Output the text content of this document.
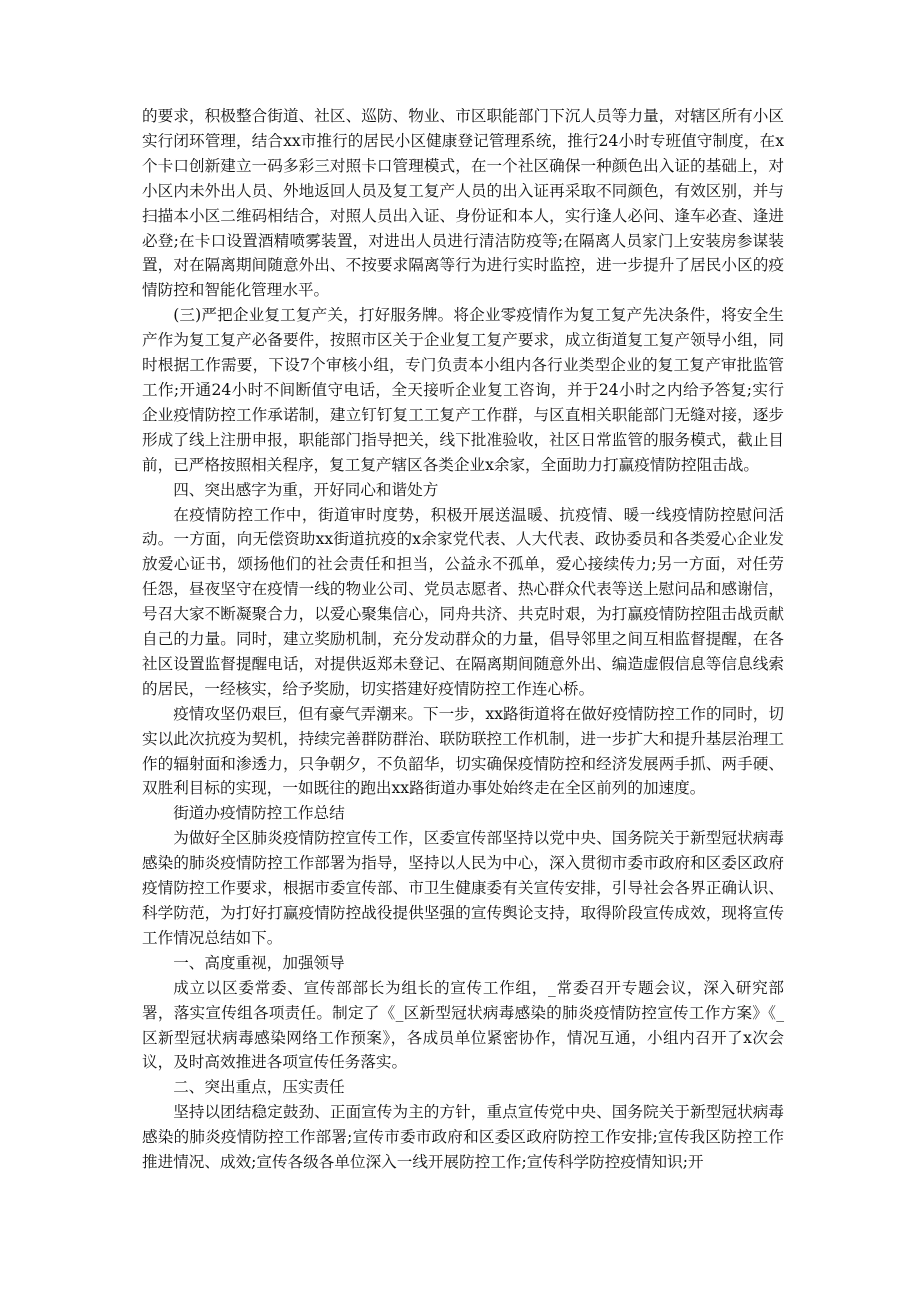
的要求，积极整合街道、社区、巡防、物业、市区职能部门下沉人员等力量，对辖区所有小区实行闭环管理，结合xx市推行的居民小区健康登记管理系统，推行24小时专班值守制度，在x个卡口创新建立一码多彩三对照卡口管理模式，在一个社区确保一种颜色出入证的基础上，对小区内未外出人员、外地返回人员及复工复产人员的出入证再采取不同颜色，有效区别，并与扫描本小区二维码相结合，对照人员出入证、身份证和本人，实行逢人必问、逢车必查、逢进必登;在卡口设置酒精喷雾装置，对进出人员进行清洁防疫等;在隔离人员家门上安装房参谋装置，对在隔离期间随意外出、不按要求隔离等行为进行实时监控，进一步提升了居民小区的疫情防控和智能化管理水平。

(三)严把企业复工复产关，打好服务牌。将企业零疫情作为复工复产先决条件，将安全生产作为复工复产必备要件，按照市区关于企业复工复产要求，成立街道复工复产领导小组，同时根据工作需要，下设7个审核小组，专门负责本小组内各行业类型企业的复工复产审批监管工作;开通24小时不间断值守电话，全天接听企业复工咨询，并于24小时之内给予答复;实行企业疫情防控工作承诺制，建立钉钉复工工复产工作群，与区直相关职能部门无缝对接，逐步形成了线上注册申报，职能部门指导把关，线下批准验收，社区日常监管的服务模式，截止目前，已严格按照相关程序，复工复产辖区各类企业x余家，全面助力打赢疫情防控阻击战。

四、突出感字为重，开好同心和谐处方

在疫情防控工作中，街道审时度势，积极开展送温暖、抗疫情、暖一线疫情防控慰问活动。一方面，向无偿资助xx街道抗疫的x余家党代表、人大代表、政协委员和各类爱心企业发放爱心证书，颂扬他们的社会责任和担当，公益永不孤单，爱心接续传力;另一方面，对任劳任怨，昼夜坚守在疫情一线的物业公司、党员志愿者、热心群众代表等送上慰问品和感谢信，号召大家不断凝聚合力，以爱心聚集信心，同舟共济、共克时艰，为打赢疫情防控阻击战贡献自己的力量。同时，建立奖励机制，充分发动群众的力量，倡导邻里之间互相监督提醒，在各社区设置监督提醒电话，对提供返郑未登记、在隔离期间随意外出、编造虚假信息等信息线索的居民，一经核实，给予奖励，切实搭建好疫情防控工作连心桥。

疫情攻坚仍艰巨，但有豪气弄潮来。下一步，xx路街道将在做好疫情防控工作的同时，切实以此次抗疫为契机，持续完善群防群治、联防联控工作机制，进一步扩大和提升基层治理工作的辐射面和渗透力，只争朝夕，不负韶华，切实确保疫情防控和经济发展两手抓、两手硬、双胜利目标的实现，一如既往的跑出xx路街道办事处始终走在全区前列的加速度。

街道办疫情防控工作总结

为做好全区肺炎疫情防控宣传工作，区委宣传部坚持以党中央、国务院关于新型冠状病毒感染的肺炎疫情防控工作部署为指导，坚持以人民为中心，深入贯彻市委市政府和区委区政府疫情防控工作要求，根据市委宣传部、市卫生健康委有关宣传安排，引导社会各界正确认识、科学防范，为打好打赢疫情防控战役提供坚强的宣传舆论支持，取得阶段宣传成效，现将宣传工作情况总结如下。

一、高度重视，加强领导

成立以区委常委、宣传部部长为组长的宣传工作组，_常委召开专题会议，深入研究部署，落实宣传组各项责任。制定了《_区新型冠状病毒感染的肺炎疫情防控宣传工作方案》《_区新型冠状病毒感染网络工作预案》，各成员单位紧密协作，情况互通，小组内召开了x次会议，及时高效推进各项宣传任务落实。

二、突出重点，压实责任

坚持以团结稳定鼓劲、正面宣传为主的方针，重点宣传党中央、国务院关于新型冠状病毒感染的肺炎疫情防控工作部署;宣传市委市政府和区委区政府防控工作安排;宣传我区防控工作推进情况、成效;宣传各级各单位深入一线开展防控工作;宣传科学防控疫情知识;开
